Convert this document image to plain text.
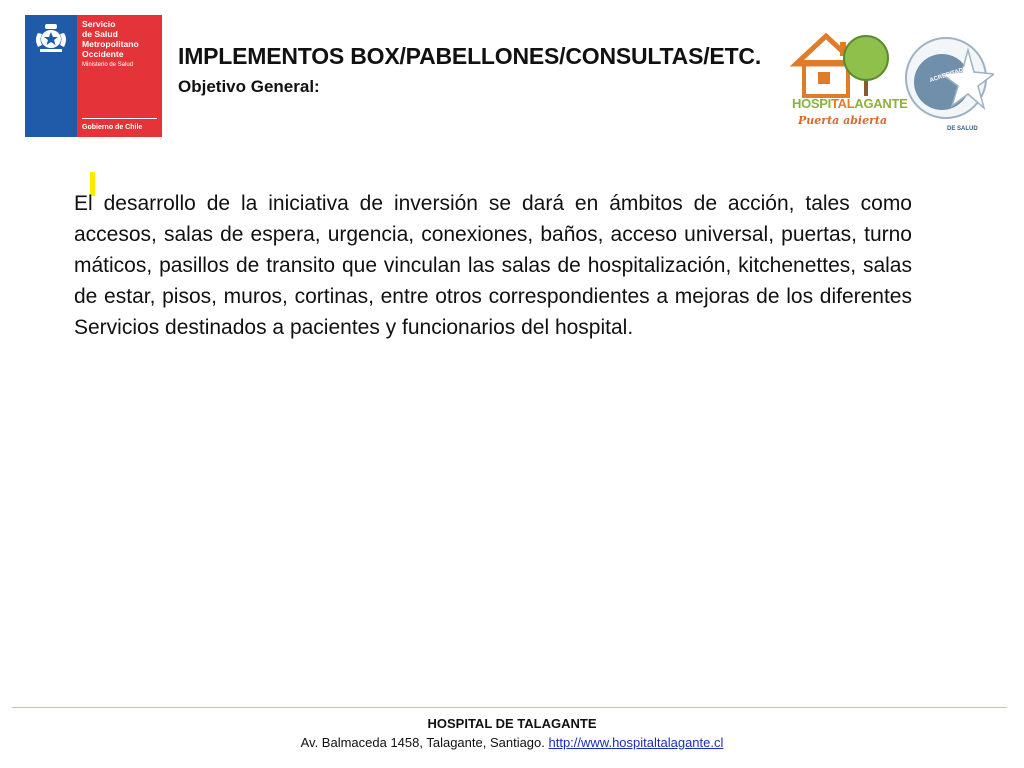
Servicio
de Salud
Metropolitano
Occidente
Ministerio de Salud
Gobierno de Chile
IMPLEMENTOS BOX/PABELLONES/CONSULTAS/ETC.
Objetivo General:
HOSPITALAGANTE
Puerta abierta
ACREDITADO
DE SALUD

El desarrollo de la iniciativa de inversión se dará en ámbitos de acción, tales como accesos, salas de espera, urgencia, conexiones, baños, acceso universal, puertas, turno máticos, pasillos de transito que vinculan las salas de hospitalización, kitchenettes, salas de estar, pisos, muros, cortinas, entre otros correspondientes a mejoras de los diferentes Servicios destinados a pacientes y funcionarios del hospital.

HOSPITAL DE TALAGANTE

Av. Balmaceda 1458, Talagante, Santiago. http://www.hospitaltalagante.cl
